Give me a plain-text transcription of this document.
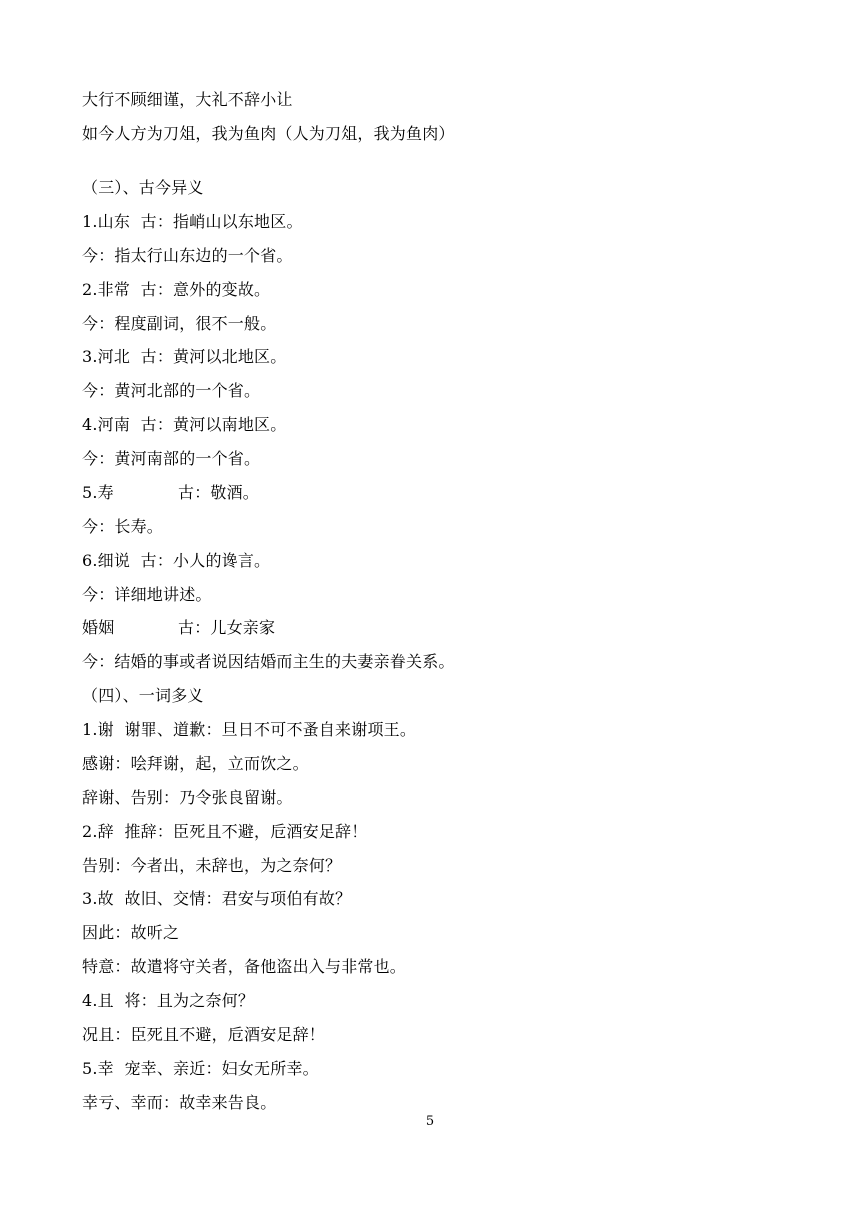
大行不顾细谨，大礼不辞小让
如今人方为刀俎，我为鱼肉（人为刀俎，我为鱼肉）
（三）、古今异义
1.山东  古：指峭山以东地区。
今：指太行山东边的一个省。
2.非常  古：意外的变故。
今：程度副词，很不一般。
3.河北  古：黄河以北地区。
今：黄河北部的一个省。
4.河南  古：黄河以南地区。
今：黄河南部的一个省。
5.寿	古：敬酒。
今：长寿。
6.细说  古：小人的谗言。
今：详细地讲述。
婚姻	古：儿女亲家
今：结婚的事或者说因结婚而主生的夫妻亲眷关系。
（四）、一词多义
1.谢  谢罪、道歉：旦日不可不蚤自来谢项王。
感谢：哙拜谢，起，立而饮之。
辞谢、告别：乃令张良留谢。
2.辞  推辞：臣死且不避，卮酒安足辞！
告别：今者出，未辞也，为之奈何？
3.故  故旧、交情：君安与项伯有故？
因此：故听之
特意：故遣将守关者，备他盗出入与非常也。
4.且  将：且为之奈何？
况且：臣死且不避，卮酒安足辞！
5.幸  宠幸、亲近：妇女无所幸。
幸亏、幸而：故幸来告良。
5
